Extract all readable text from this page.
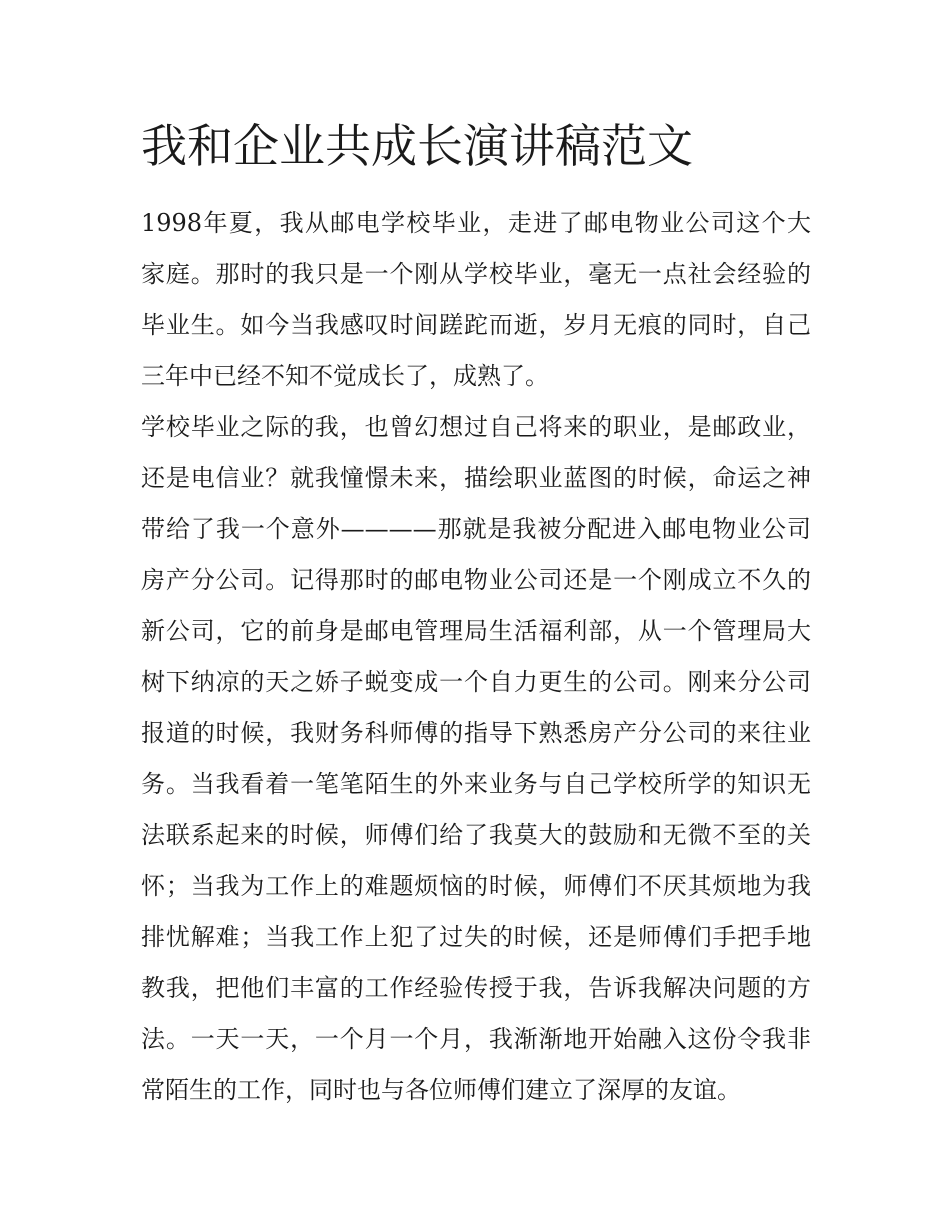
我和企业共成长演讲稿范文
1998年夏，我从邮电学校毕业，走进了邮电物业公司这个大
家庭。那时的我只是一个刚从学校毕业，毫无一点社会经验的
毕业生。如今当我感叹时间蹉跎而逝，岁月无痕的同时，自己
三年中已经不知不觉成长了，成熟了。
学校毕业之际的我，也曾幻想过自己将来的职业，是邮政业，
还是电信业？就我憧憬未来，描绘职业蓝图的时候，命运之神
带给了我一个意外————那就是我被分配进入邮电物业公司
房产分公司。记得那时的邮电物业公司还是一个刚成立不久的
新公司，它的前身是邮电管理局生活福利部，从一个管理局大
树下纳凉的天之娇子蜕变成一个自力更生的公司。刚来分公司
报道的时候，我财务科师傅的指导下熟悉房产分公司的来往业
务。当我看着一笔笔陌生的外来业务与自己学校所学的知识无
法联系起来的时候，师傅们给了我莫大的鼓励和无微不至的关
怀；当我为工作上的难题烦恼的时候，师傅们不厌其烦地为我
排忧解难；当我工作上犯了过失的时候，还是师傅们手把手地
教我，把他们丰富的工作经验传授于我，告诉我解决问题的方
法。一天一天，一个月一个月，我渐渐地开始融入这份令我非
常陌生的工作，同时也与各位师傅们建立了深厚的友谊。
